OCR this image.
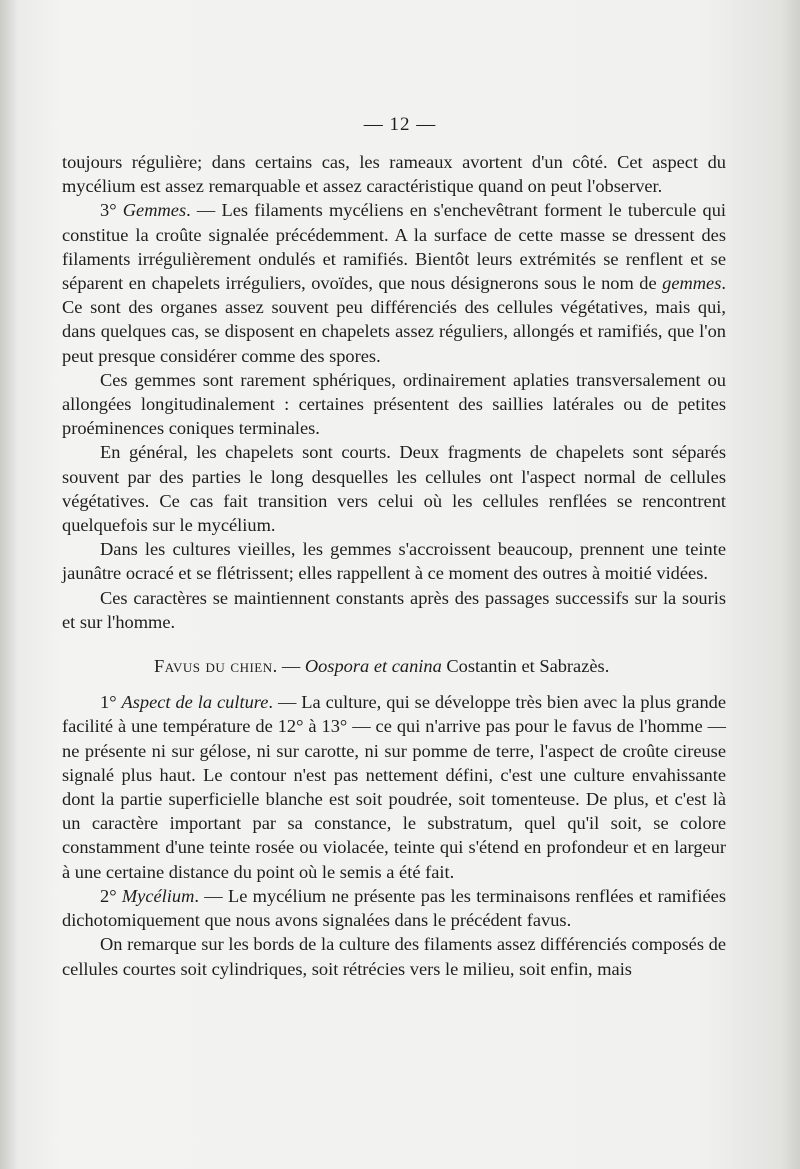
— 12 —

toujours régulière; dans certains cas, les rameaux avortent d'un côté. Cet aspect du mycélium est assez remarquable et assez caractéristique quand on peut l'observer.

3° Gemmes. — Les filaments mycéliens en s'enchevêtrant forment le tubercule qui constitue la croûte signalée précédemment. A la surface de cette masse se dressent des filaments irrégulièrement ondulés et ramifiés. Bientôt leurs extrémités se renflent et se séparent en chapelets irréguliers, ovoïdes, que nous désignerons sous le nom de gemmes. Ce sont des organes assez souvent peu différenciés des cellules végétatives, mais qui, dans quelques cas, se disposent en chapelets assez réguliers, allongés et ramifiés, que l'on peut presque considérer comme des spores.

Ces gemmes sont rarement sphériques, ordinairement aplaties transversalement ou allongées longitudinalement : certaines présentent des saillies latérales ou de petites proéminences coniques terminales.

En général, les chapelets sont courts. Deux fragments de chapelets sont séparés souvent par des parties le long desquelles les cellules ont l'aspect normal de cellules végétatives. Ce cas fait transition vers celui où les cellules renflées se rencontrent quelquefois sur le mycélium.

Dans les cultures vieilles, les gemmes s'accroissent beaucoup, prennent une teinte jaunâtre ocracé et se flétrissent; elles rappellent à ce moment des outres à moitié vidées.

Ces caractères se maintiennent constants après des passages successifs sur la souris et sur l'homme.

Favus du chien. — Oospora et canina Costantin et Sabrazès.

1° Aspect de la culture. — La culture, qui se développe très bien avec la plus grande facilité à une température de 12° à 13° — ce qui n'arrive pas pour le favus de l'homme — ne présente ni sur gélose, ni sur carotte, ni sur pomme de terre, l'aspect de croûte cireuse signalé plus haut. Le contour n'est pas nettement défini, c'est une culture envahissante dont la partie superficielle blanche est soit poudrée, soit tomenteuse. De plus, et c'est là un caractère important par sa constance, le substratum, quel qu'il soit, se colore constamment d'une teinte rosée ou violacée, teinte qui s'étend en profondeur et en largeur à une certaine distance du point où le semis a été fait.

2° Mycélium. — Le mycélium ne présente pas les terminaisons renflées et ramifiées dichotomiquement que nous avons signalées dans le précédent favus.

On remarque sur les bords de la culture des filaments assez différenciés composés de cellules courtes soit cylindriques, soit rétrécies vers le milieu, soit enfin, mais
